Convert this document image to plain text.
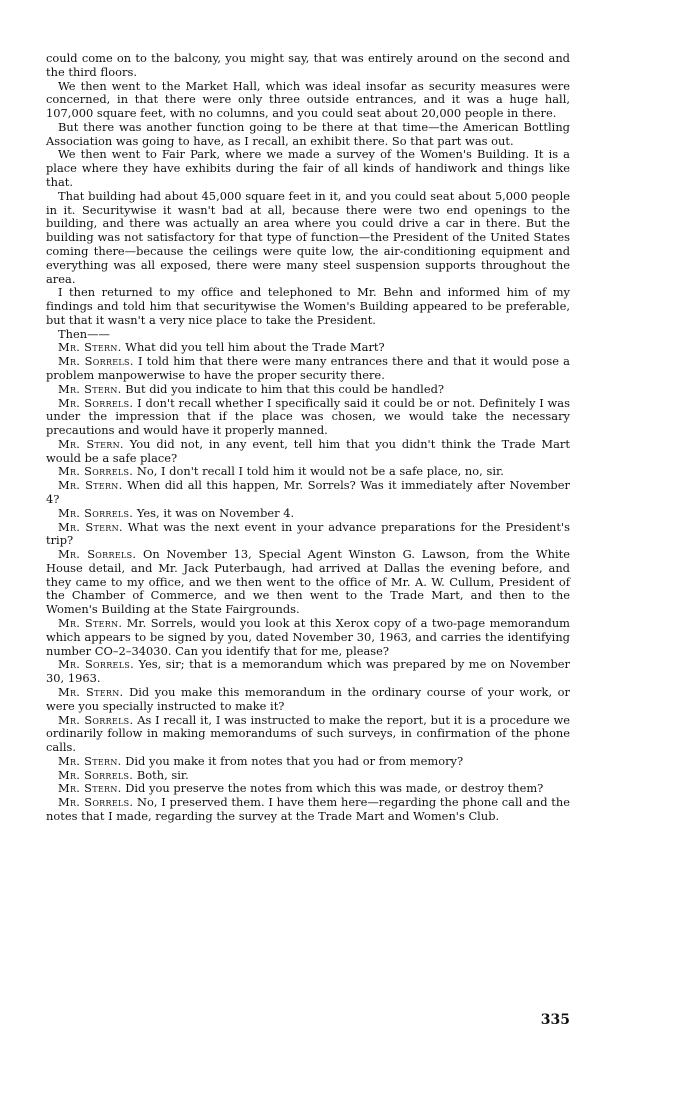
could come on to the balcony, you might say, that was entirely around on the second and the third floors.

We then went to the Market Hall, which was ideal insofar as security measures were concerned, in that there were only three outside entrances, and it was a huge hall, 107,000 square feet, with no columns, and you could seat about 20,000 people in there.

But there was another function going to be there at that time—the American Bottling Association was going to have, as I recall, an exhibit there. So that part was out.

We then went to Fair Park, where we made a survey of the Women's Building. It is a place where they have exhibits during the fair of all kinds of handiwork and things like that.

That building had about 45,000 square feet in it, and you could seat about 5,000 people in it. Securitywise it wasn't bad at all, because there were two end openings to the building, and there was actually an area where you could drive a car in there. But the building was not satisfactory for that type of function—the President of the United States coming there—because the ceilings were quite low, the air-conditioning equipment and everything was all exposed, there were many steel suspension supports throughout the area.

I then returned to my office and telephoned to Mr. Behn and informed him of my findings and told him that securitywise the Women's Building appeared to be preferable, but that it wasn't a very nice place to take the President.

Then——

Mr. Stern. What did you tell him about the Trade Mart?

Mr. Sorrels. I told him that there were many entrances there and that it would pose a problem manpowerwise to have the proper security there.

Mr. Stern. But did you indicate to him that this could be handled?

Mr. Sorrels. I don't recall whether I specifically said it could be or not. Definitely I was under the impression that if the place was chosen, we would take the necessary precautions and would have it properly manned.

Mr. Stern. You did not, in any event, tell him that you didn't think the Trade Mart would be a safe place?

Mr. Sorrels. No, I don't recall I told him it would not be a safe place, no, sir.

Mr. Stern. When did all this happen, Mr. Sorrels? Was it immediately after November 4?

Mr. Sorrels. Yes, it was on November 4.

Mr. Stern. What was the next event in your advance preparations for the President's trip?

Mr. Sorrels. On November 13, Special Agent Winston G. Lawson, from the White House detail, and Mr. Jack Puterbaugh, had arrived at Dallas the evening before, and they came to my office, and we then went to the office of Mr. A. W. Cullum, President of the Chamber of Commerce, and we then went to the Trade Mart, and then to the Women's Building at the State Fairgrounds.

Mr. Stern. Mr. Sorrels, would you look at this Xerox copy of a two-page memorandum which appears to be signed by you, dated November 30, 1963, and carries the identifying number CO–2–34030. Can you identify that for me, please?

Mr. Sorrels. Yes, sir; that is a memorandum which was prepared by me on November 30, 1963.

Mr. Stern. Did you make this memorandum in the ordinary course of your work, or were you specially instructed to make it?

Mr. Sorrels. As I recall it, I was instructed to make the report, but it is a procedure we ordinarily follow in making memorandums of such surveys, in confirmation of the phone calls.

Mr. Stern. Did you make it from notes that you had or from memory?

Mr. Sorrels. Both, sir.

Mr. Stern. Did you preserve the notes from which this was made, or destroy them?

Mr. Sorrels. No, I preserved them. I have them here—regarding the phone call and the notes that I made, regarding the survey at the Trade Mart and Women's Club.

335
